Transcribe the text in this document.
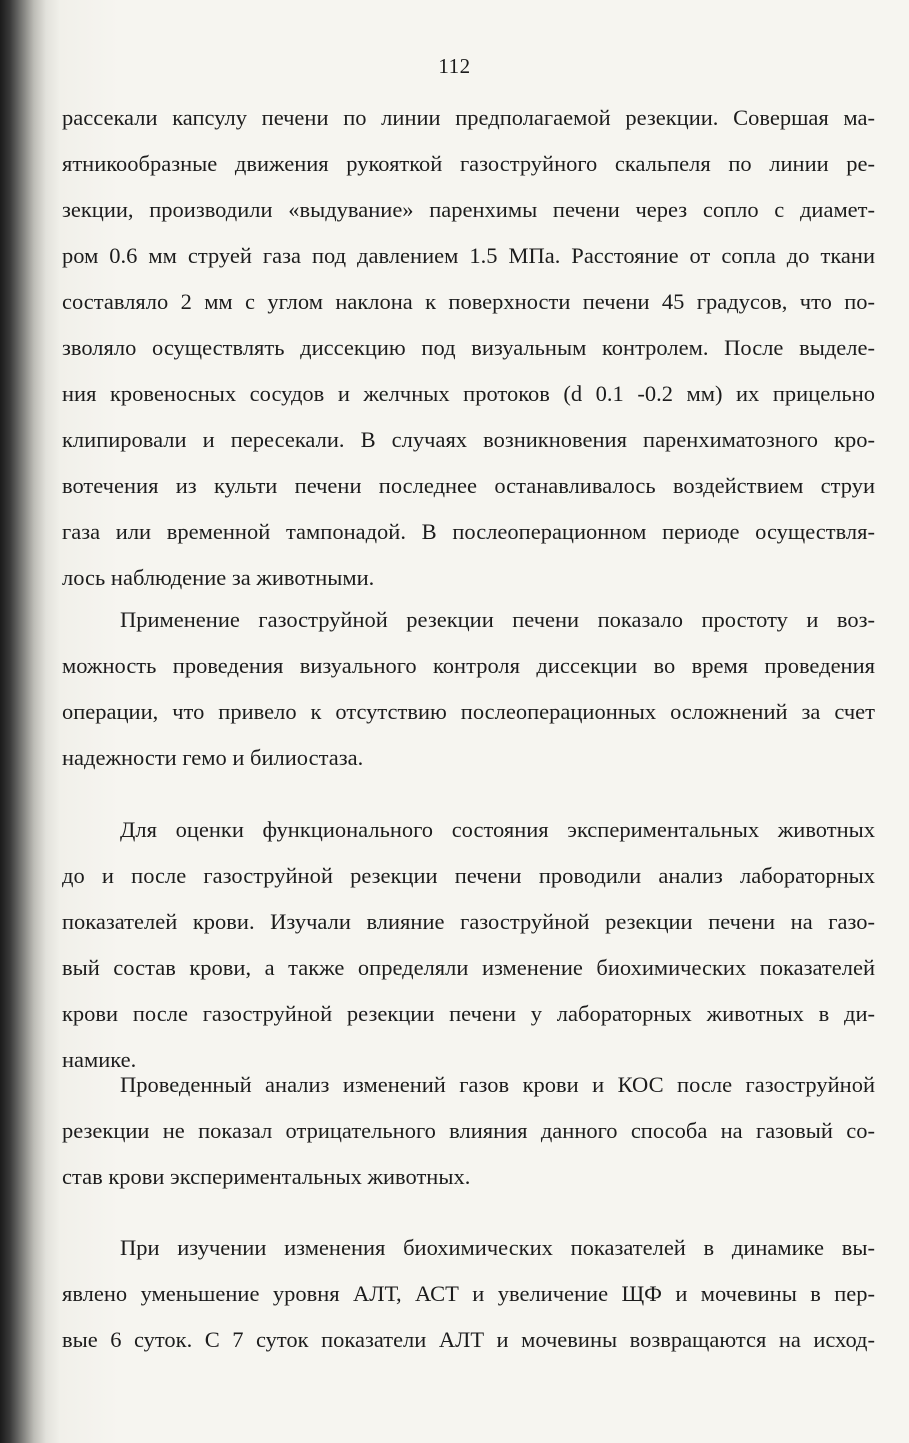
112
рассекали капсулу печени по линии предполагаемой резекции. Совершая ма-
ятникообразные движения рукояткой газоструйного скальпеля по линии ре-
зекции, производили «выдувание» паренхимы печени через сопло с диамет-
ром 0.6 мм струей газа под давлением 1.5 МПа. Расстояние от сопла до ткани
составляло 2 мм с углом наклона к поверхности печени 45 градусов, что по-
зволяло осуществлять диссекцию под визуальным контролем. После выделе-
ния кровеносных сосудов и желчных протоков (d 0.1 -0.2 мм) их прицельно
клипировали и пересекали. В случаях возникновения паренхиматозного кро-
вотечения из культи печени последнее останавливалось воздействием струи
газа или временной тампонадой. В послеоперационном периоде осуществля-
лось наблюдение за животными.
Применение газоструйной резекции печени показало простоту и воз-
можность проведения визуального контроля диссекции во время проведения
операции, что привело к отсутствию послеоперационных осложнений за счет
надежности гемо и билиостаза.
Для оценки функционального состояния экспериментальных животных
до и после газоструйной резекции печени проводили анализ лабораторных
показателей крови. Изучали влияние газоструйной резекции печени на газо-
вый состав крови, а также определяли изменение биохимических показателей
крови после газоструйной резекции печени у лабораторных животных в ди-
намике.
Проведенный анализ изменений газов крови и КОС после газоструйной
резекции не показал отрицательного влияния данного способа на газовый со-
став крови экспериментальных животных.
При изучении изменения биохимических показателей в динамике вы-
явлено уменьшение уровня АЛТ, АСТ и увеличение ЩФ и мочевины в пер-
вые 6 суток. С 7 суток показатели АЛТ и мочевины возвращаются на исход-
